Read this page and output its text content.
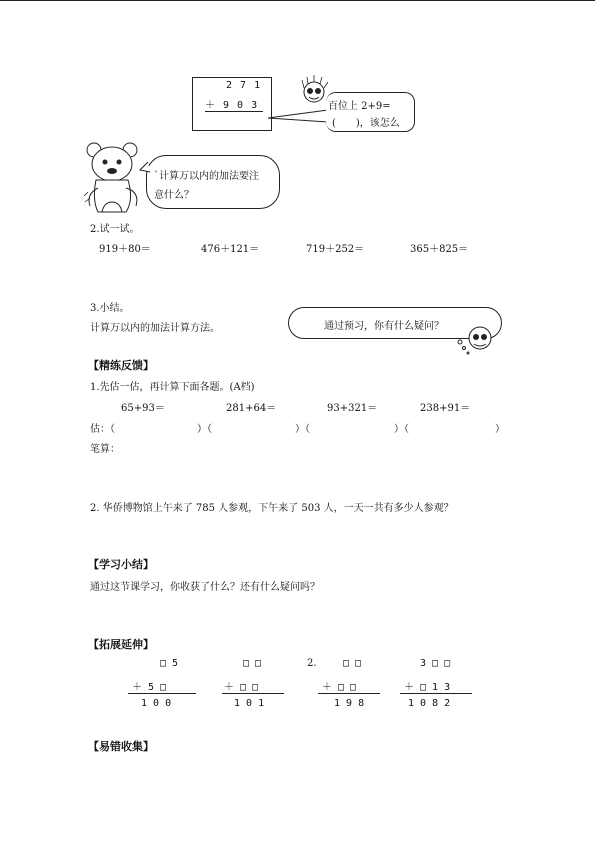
2 7 1
＋ 9 0 3	百位上 2+9=
(　　)，该怎么
`计算万以内的加法要注
意什么？
2.试一试。
919＋80＝	476＋121＝	719＋252＝	365＋825＝
3.小结。
计算万以内的加法计算方法。	通过预习，你有什么疑问？
【精练反馈】
1.先估一估，再计算下面各题。(A档)
65+93＝	281+64＝	93+321＝	238+91＝
估：（	）（	）（	）（	）
笔算：
2. 华侨博物馆上午来了 785 人参观，下午来了 503 人，一天一共有多少人参观？
【学习小结】
通过这节课学习，你收获了什么？还有什么疑问吗？
【拓展延伸】
□ 5
＋ 5 □
1 0 0
□ □
＋ □ □
1 0 1
2.	□ □
＋ □ □
1 9 8
3 □ □
＋ □ 1 3
1 0 8 2
【易错收集】
